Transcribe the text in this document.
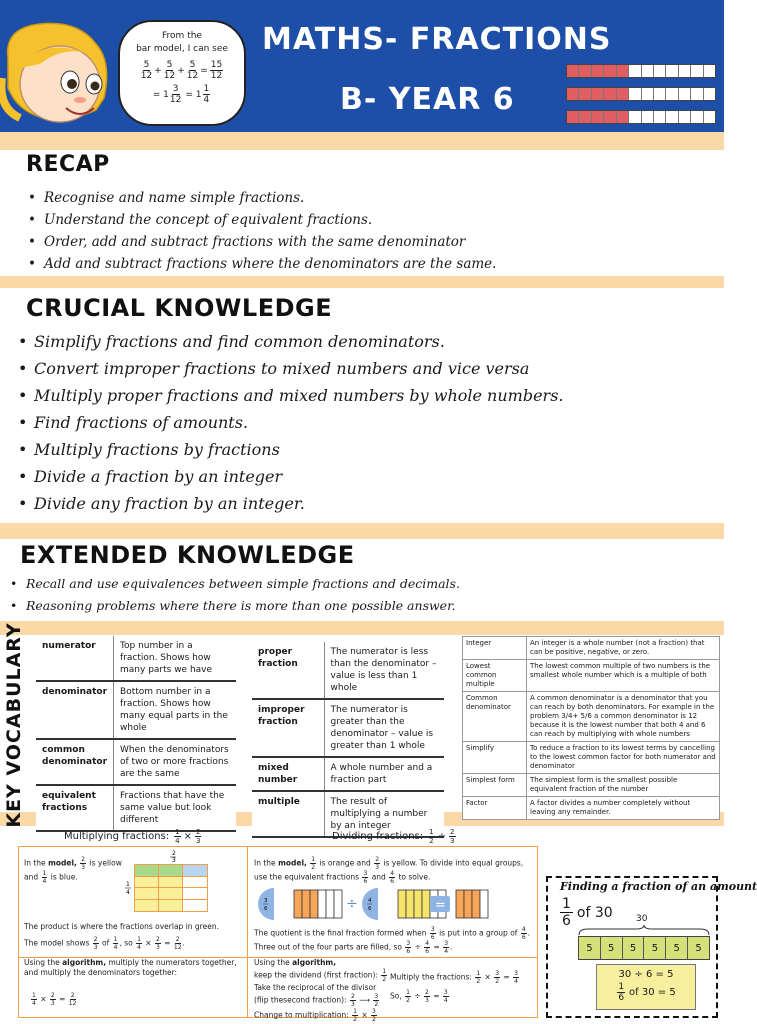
From the
bar model, I can see
$\frac{5}{12} + \frac{5}{12} + \frac{5}{12} = \frac{15}{12}$
= $1 \frac{3}{12} = 1 \frac{1}{4}$
MATHS- FRACTIONS
B- YEAR 6
RECAP
• Recognise and name simple fractions.
• Understand the concept of equivalent fractions.
• Order, add and subtract fractions with the same denominator
• Add and subtract fractions where the denominators are the same.
CRUCIAL KNOWLEDGE
• Simplify fractions and find common denominators.
• Convert improper fractions to mixed numbers and vice versa
• Multiply proper fractions and mixed numbers by whole numbers.
• Find fractions of amounts.
• Multiply fractions by fractions
• Divide a fraction by an integer
• Divide any fraction by an integer.
EXTENDED KNOWLEDGE
• Recall and use equivalences between simple fractions and decimals.
• Reasoning problems where there is more than one possible answer.
KEY VOCABULARY numerator	Top number in a fraction. Shows how many parts we have
denominator	Bottom number in a fraction. Shows how many equal parts in the whole
common denominator	When the denominators of two or more fractions are the same
equivalent fractions	Fractions that have the same value but look different
proper fraction	The numerator is less than the denominator – value is less than 1 whole
improper fraction	The numerator is greater than the denominator – value is greater than 1 whole
mixed number	A whole number and a fraction part
multiple	The result of multiplying a number by an integer
Integer	An integer is a whole number (not a fraction) that can be positive, negative, or zero.
Lowest common multiple	The lowest common multiple of two numbers is the smallest whole number which is a multiple of both
Common denominator	A common denominator is a denominator that you can reach by both denominators. For example in the problem 3/4+ 5/6 a common denominator is 12 because it is the lowest number that both 4 and 6 can reach by multiplying with whole numbers
Simplify	To reduce a fraction to its lowest terms by cancelling to the lowest common factor for both numerator and denominator
Simplest form	The simplest form is the smallest possible equivalent fraction of the number
Factor	A factor divides a number completely without leaving any remainder.
Multiplying fractions: $\frac{1}{4} \times \frac{2}{3}$	Dividing fractions: $\frac{1}{2} \div \frac{2}{3}$
In the model, $\frac{2}{3}$ is yellow
and $\frac{1}{4}$ is blue.
2
3
1
4
The product is where the fractions overlap in green.
The model shows $\frac{2}{3}$ of $\frac{1}{4}$ , so $\frac{1}{4} \times \frac{2}{3} = \frac{2}{12}$ .
Using the algorithm, multiply the numerators together, and multiply the denominators together:
$\frac{1}{4} \times \frac{2}{3} = \frac{2}{12}$
In the model, $\frac{1}{2}$ is orange and $\frac{2}{3}$ is yellow. To divide into equal groups,
use the equivalent fractions $\frac{3}{6}$ and $\frac{4}{6}$ to solve.
3
6	÷ 4
6	=
The quotient is the final fraction formed when $\frac{3}{6}$ is put into a group of $\frac{4}{6}$ .
Three out of the four parts are filled, so $\frac{3}{6} \div \frac{4}{6} = \frac{3}{4}$ .
Using the algorithm,
keep the dividend (first fraction): $\frac{1}{2}$
Take the reciprocal of the divisor
(flip thesecond fraction): $\frac{2}{3}$ ⟶ $\frac{3}{2}$
Change to multiplication: $\frac{1}{2} \times \frac{3}{2}$
Multiply the fractions: $\frac{1}{2} \times \frac{3}{2} = \frac{3}{4}$
So, $\frac{1}{2} \div \frac{2}{3} = \frac{3}{4}$
Finding a fraction of an amount
1
6
of 30	30
5	5	5	5	5	5
30 ÷ 6 = 5
1
6 of 30 = 5
